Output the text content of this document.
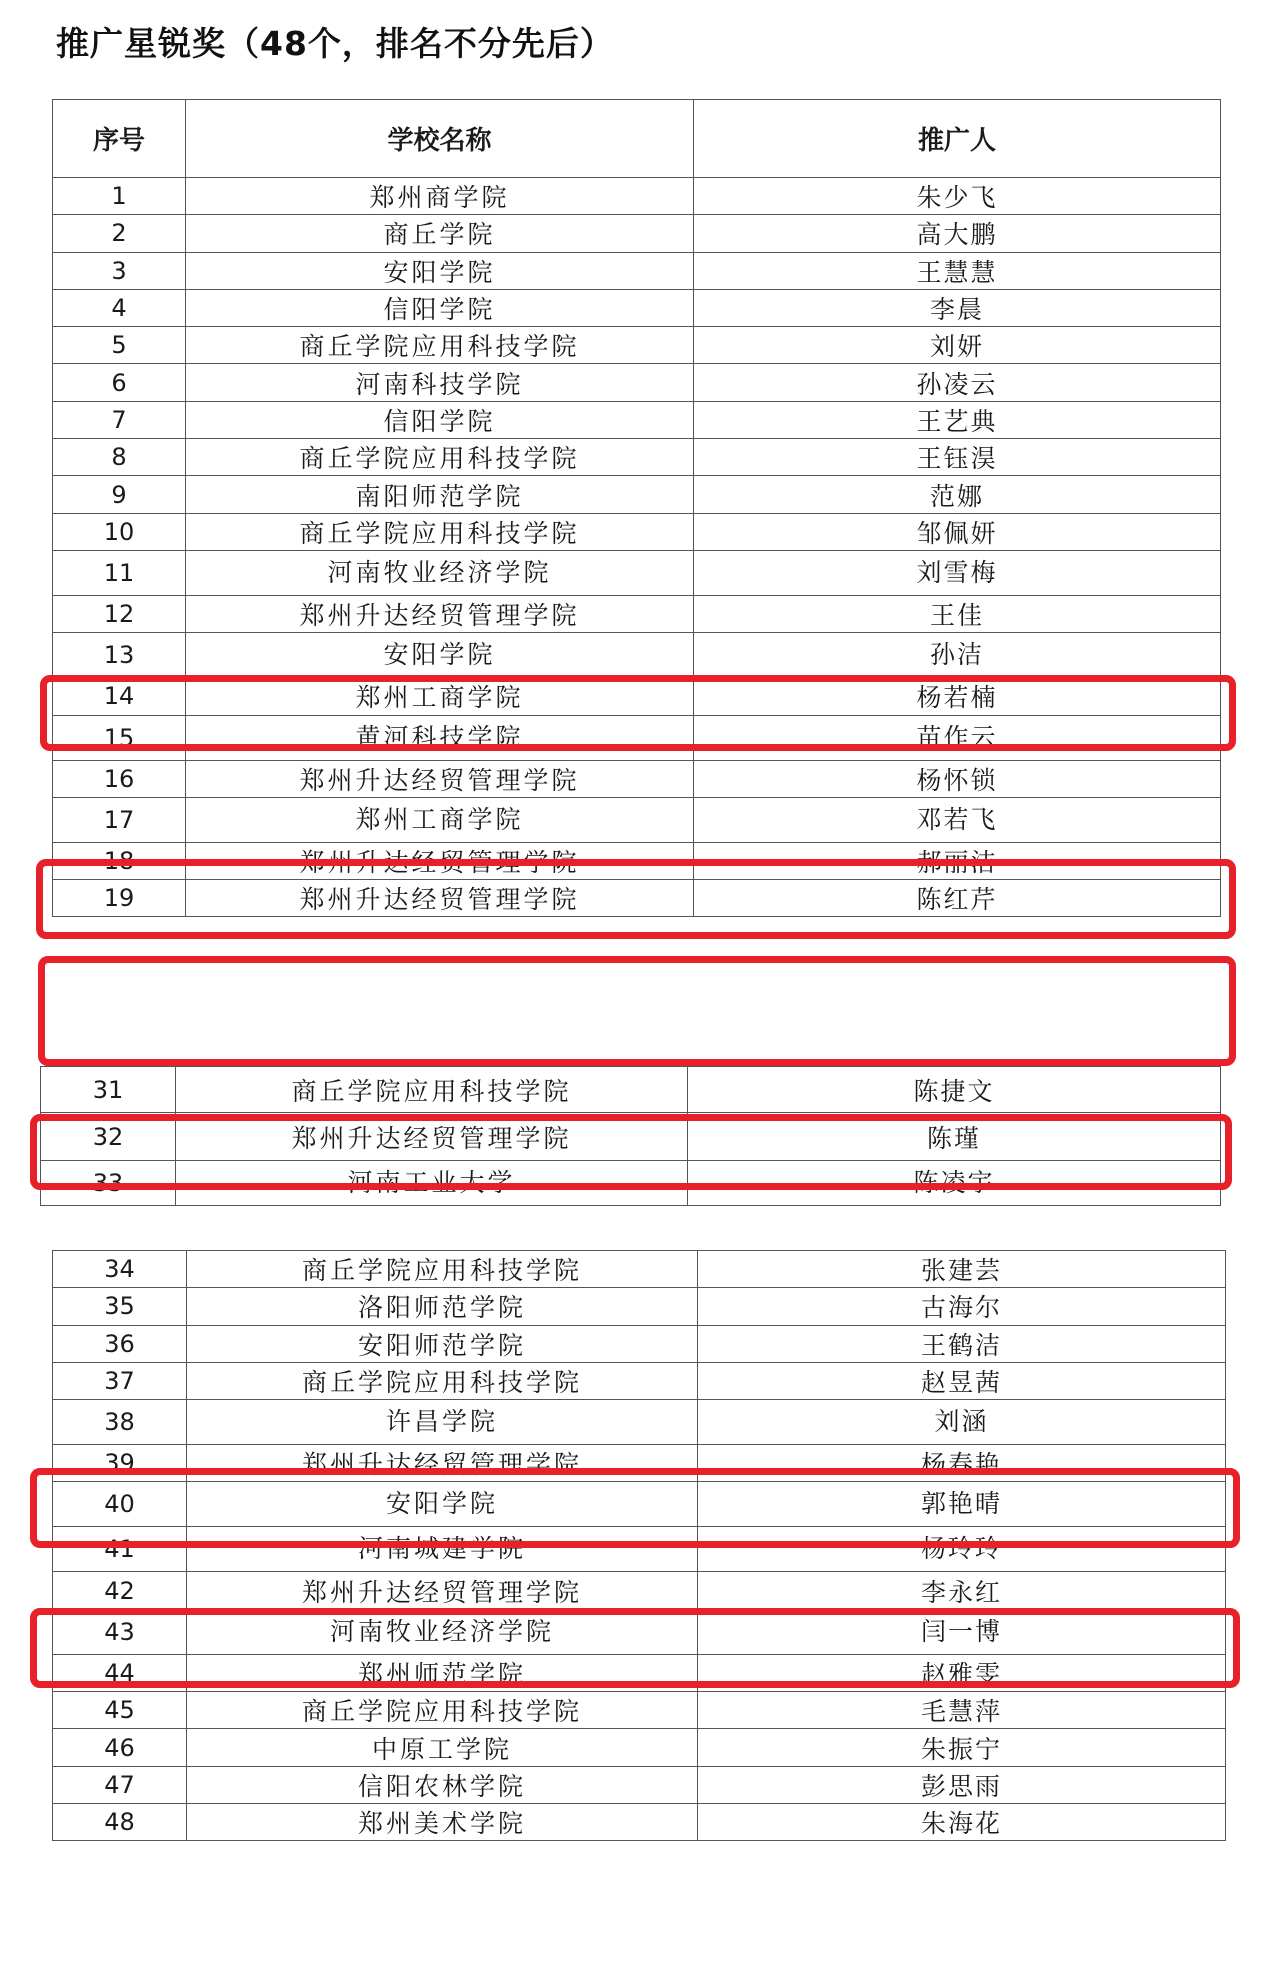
推广星锐奖（48个，排名不分先后）
序号	学校名称	推广人
1	郑州商学院	朱少飞
2	商丘学院	高大鹏
3	安阳学院	王慧慧
4	信阳学院	李晨
5	商丘学院应用科技学院	刘妍
6	河南科技学院	孙凌云
7	信阳学院	王艺典
8	商丘学院应用科技学院	王钰淏
9	南阳师范学院	范娜
10	商丘学院应用科技学院	邹佩妍
11	河南牧业经济学院	刘雪梅
12	郑州升达经贸管理学院	王佳
13	安阳学院	孙洁
14	郑州工商学院	杨若楠
15	黄河科技学院	苗作云
16	郑州升达经贸管理学院	杨怀锁
17	郑州工商学院	邓若飞
18	郑州升达经贸管理学院	郝丽洁
19	郑州升达经贸管理学院	陈红芹
31	商丘学院应用科技学院	陈捷文
32	郑州升达经贸管理学院	陈瑾
33	河南工业大学	陈凌宇
34	商丘学院应用科技学院	张建芸
35	洛阳师范学院	古海尔
36	安阳师范学院	王鹤洁
37	商丘学院应用科技学院	赵昱茜
38	许昌学院	刘涵
39	郑州升达经贸管理学院	杨春艳
40	安阳学院	郭艳晴
41	河南城建学院	杨玲玲
42	郑州升达经贸管理学院	李永红
43	河南牧业经济学院	闫一博
44	郑州师范学院	赵雅雯
45	商丘学院应用科技学院	毛慧萍
46	中原工学院	朱振宁
47	信阳农林学院	彭思雨
48	郑州美术学院	朱海花
